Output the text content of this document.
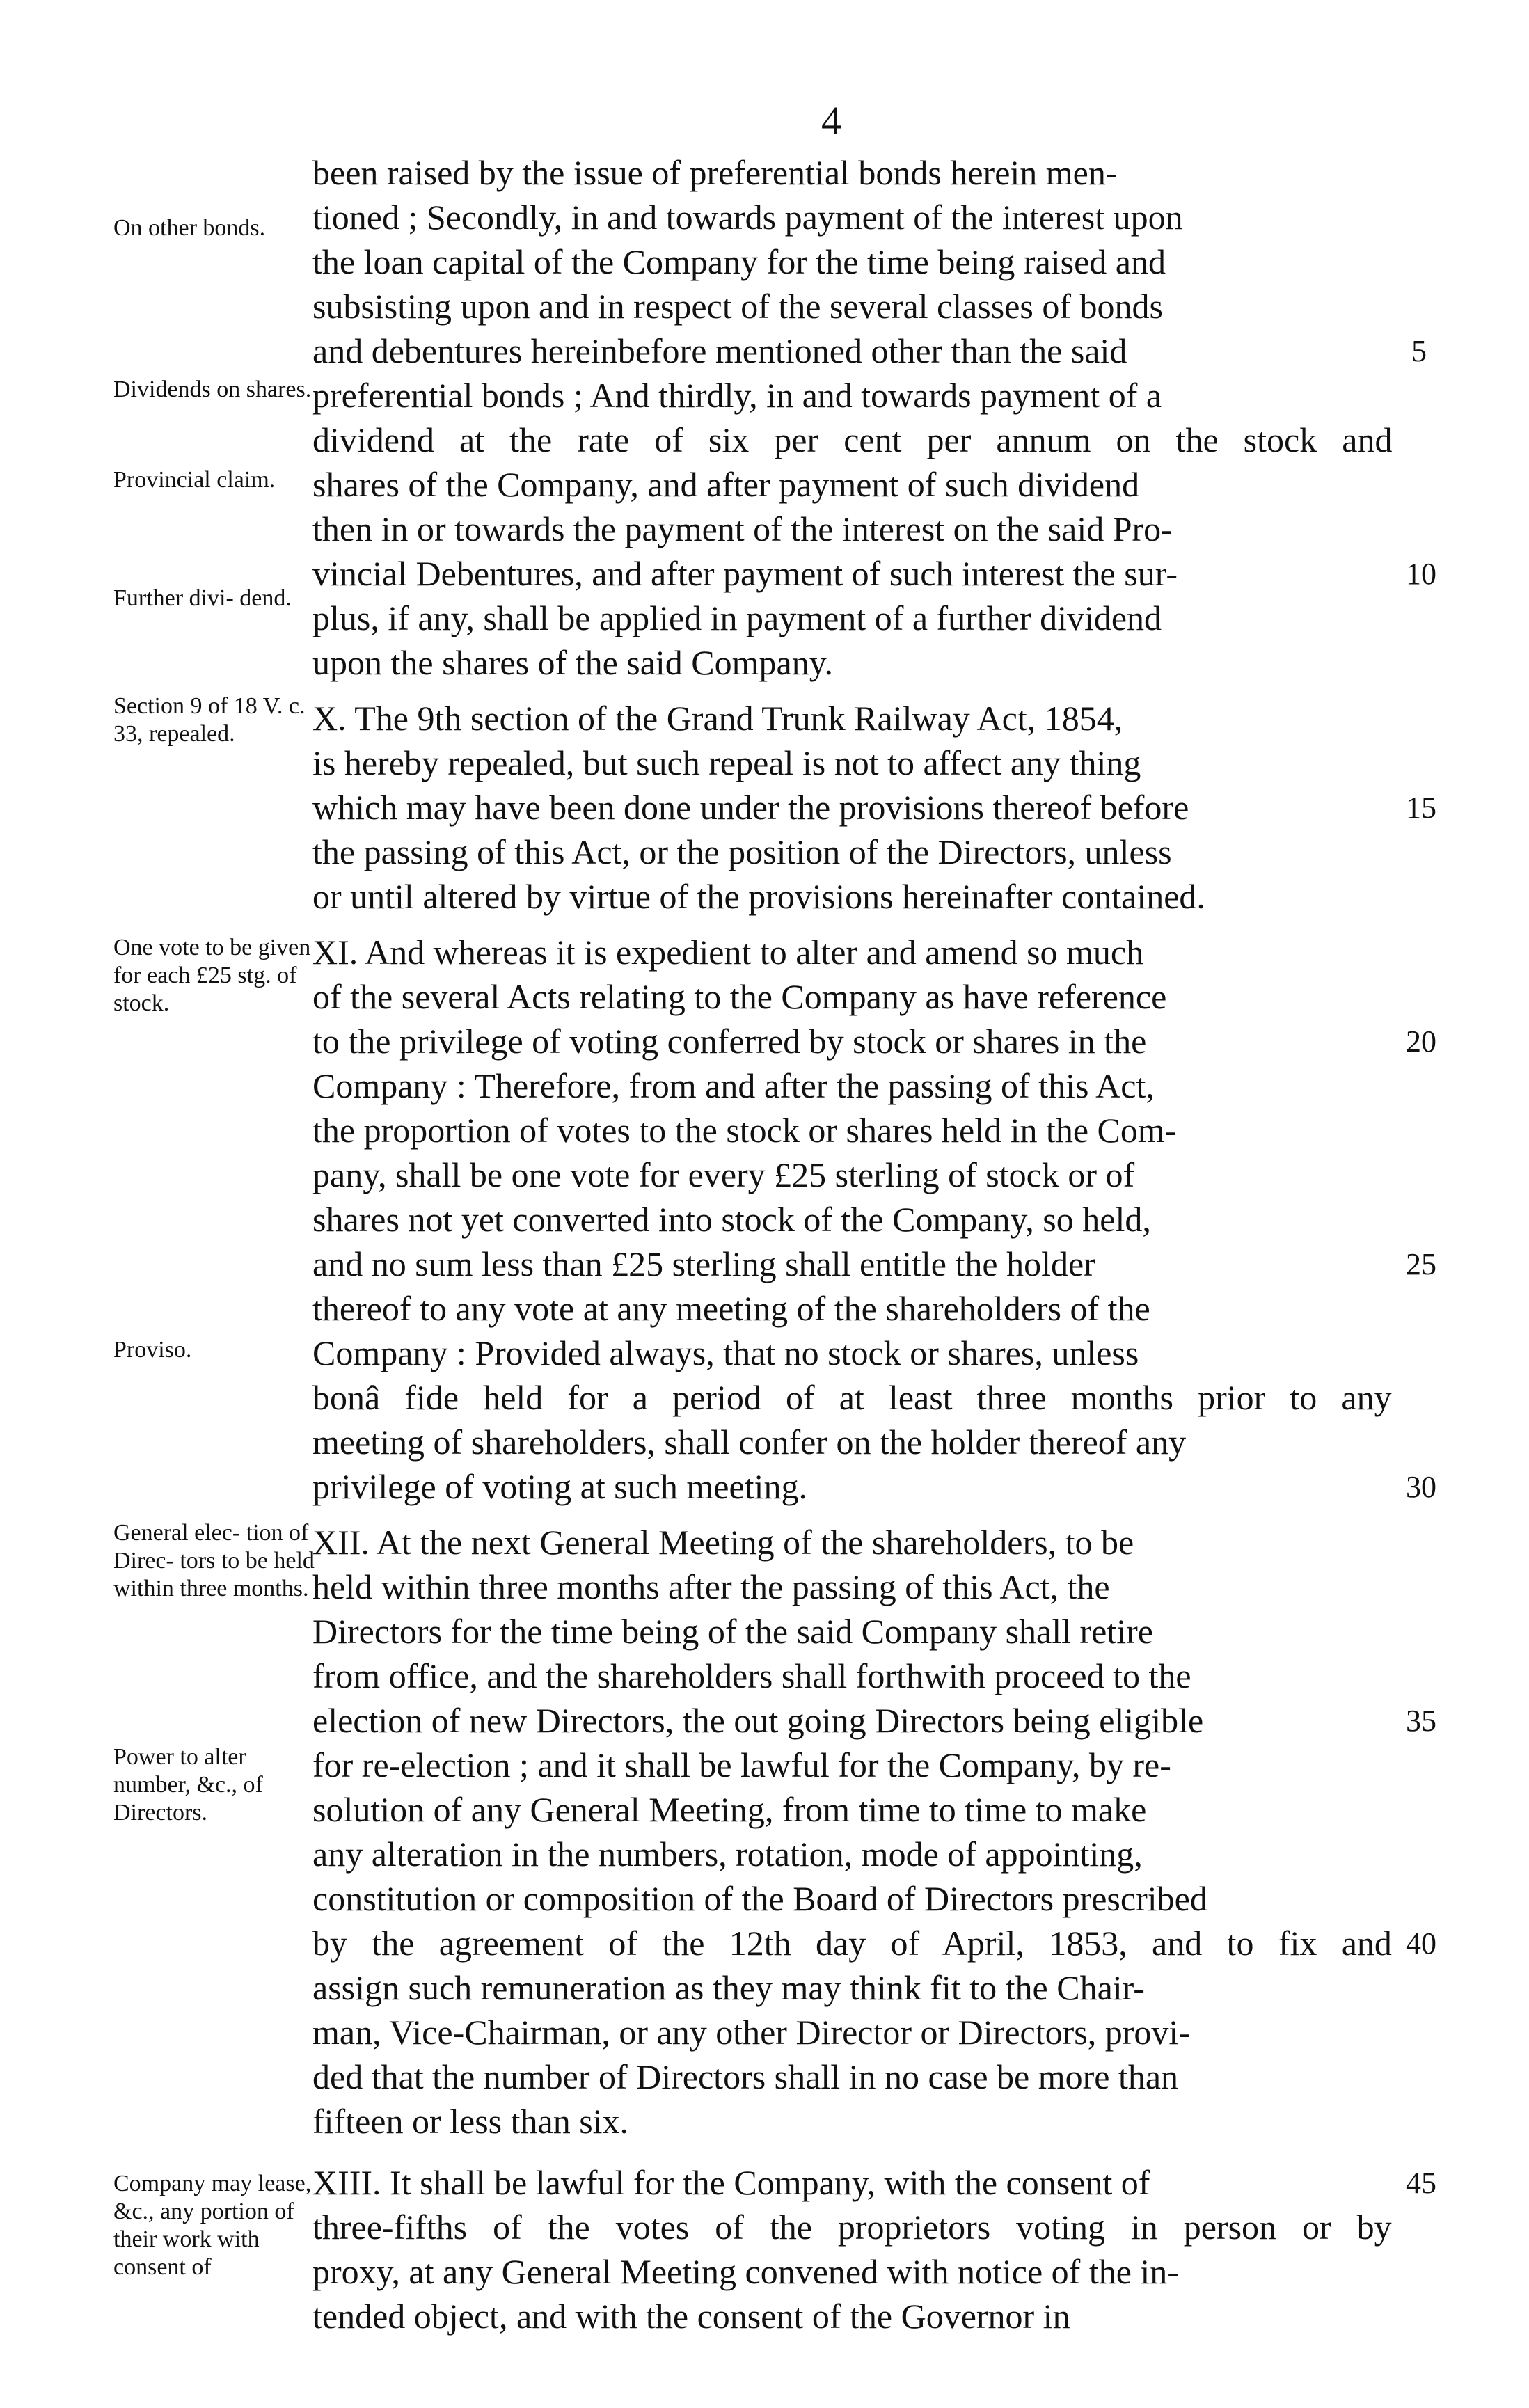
4
been raised by the issue of preferential bonds herein men-
tioned ; Secondly, in and towards payment of the interest upon
the loan capital of the Company for the time being raised and
subsisting upon and in respect of the several classes of bonds
and debentures hereinbefore mentioned other than the said
preferential bonds ; And thirdly, in and towards payment of a
dividend at the rate of six per cent per annum on the stock and
shares of the Company, and after payment of such dividend
then in or towards the payment of the interest on the said Pro-
vincial Debentures, and after payment of such interest the sur-
plus, if any, shall be applied in payment of a further dividend
upon the shares of the said Company.
X. The 9th section of the Grand Trunk Railway Act, 1854,
is hereby repealed, but such repeal is not to affect any thing
which may have been done under the provisions thereof before
the passing of this Act, or the position of the Directors, unless
or until altered by virtue of the provisions hereinafter contained.
XI. And whereas it is expedient to alter and amend so much
of the several Acts relating to the Company as have reference
to the privilege of voting conferred by stock or shares in the
Company : Therefore, from and after the passing of this Act,
the proportion of votes to the stock or shares held in the Com-
pany, shall be one vote for every £25 sterling of stock or of
shares not yet converted into stock of the Company, so held,
and no sum less than £25 sterling shall entitle the holder
thereof to any vote at any meeting of the shareholders of the
Company : Provided always, that no stock or shares, unless
bonâ fide held for a period of at least three months prior to any
meeting of shareholders, shall confer on the holder thereof any
privilege of voting at such meeting.
XII. At the next General Meeting of the shareholders, to be
held within three months after the passing of this Act, the
Directors for the time being of the said Company shall retire
from office, and the shareholders shall forthwith proceed to the
election of new Directors, the out going Directors being eligible
for re-election ; and it shall be lawful for the Company, by re-
solution of any General Meeting, from time to time to make
any alteration in the numbers, rotation, mode of appointing,
constitution or composition of the Board of Directors prescribed
by the agreement of the 12th day of April, 1853, and to fix and
assign such remuneration as they may think fit to the Chair-
man, Vice-Chairman, or any other Director or Directors, provi-
ded that the number of Directors shall in no case be more than
fifteen or less than six.
XIII. It shall be lawful for the Company, with the consent of
three-fifths of the votes of the proprietors voting in person or by
proxy, at any General Meeting convened with notice of the in-
tended object, and with the consent of the Governor in
5
10
15
20
25
30
35
40
45
On other bonds.
Dividends on shares.
Provincial claim.
Further divi- dend.
Section 9 of 18 V. c. 33, repealed.
One vote to be given for each £25 stg. of stock.
Proviso.
General elec- tion of Direc- tors to be held within three months.
Power to alter number, &c., of Directors.
Company may lease, &c., any portion of their work with consent of
